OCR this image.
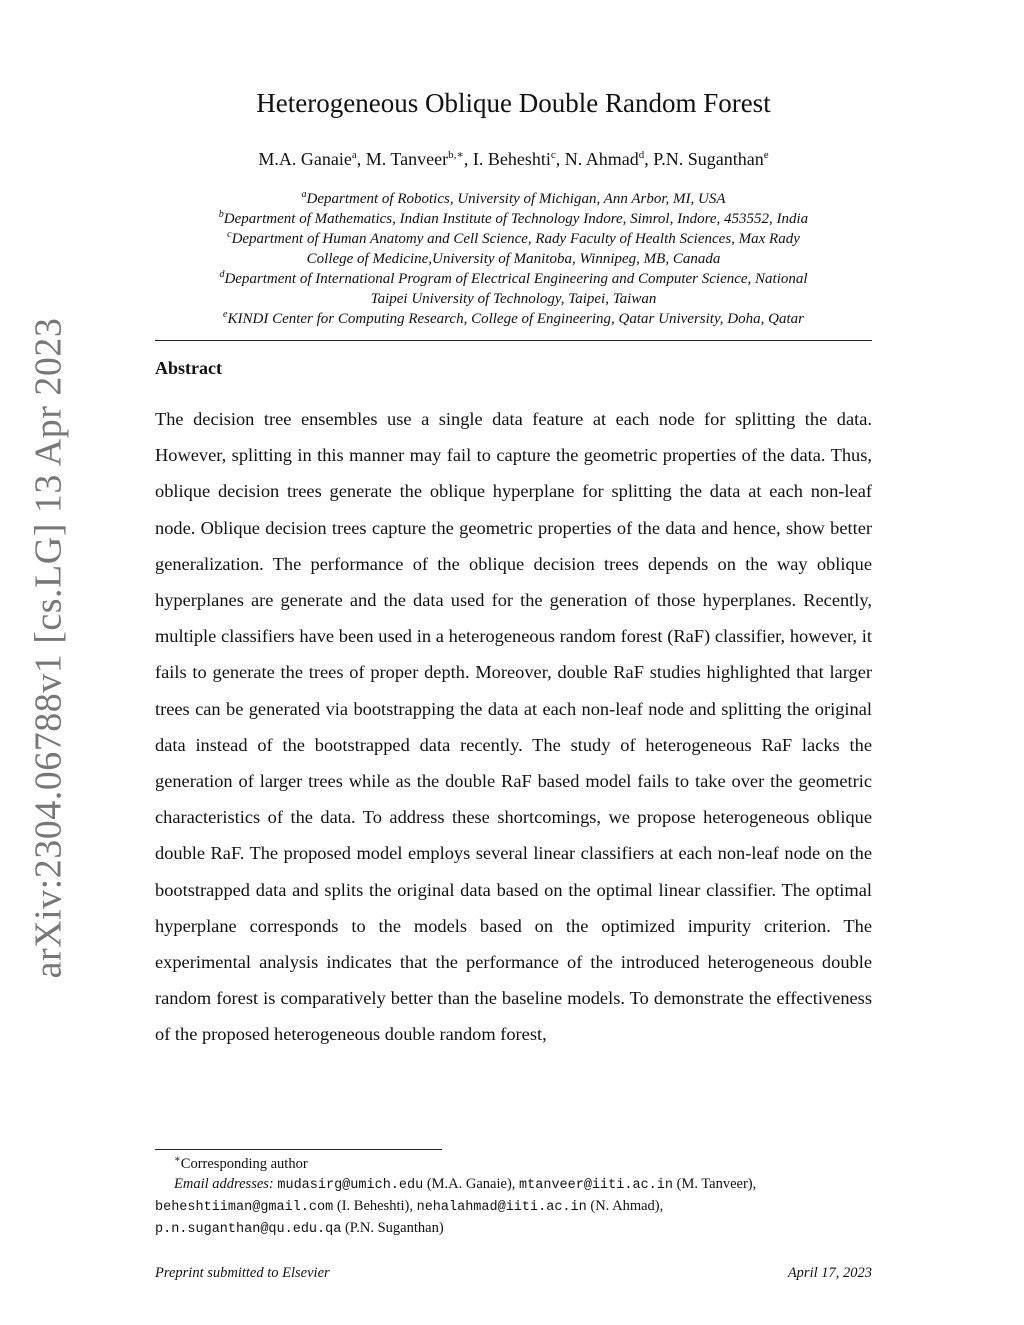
arXiv:2304.06788v1 [cs.LG] 13 Apr 2023
Heterogeneous Oblique Double Random Forest
M.A. Ganaie$^a$, M. Tanveer$^{b,∗}$, I. Beheshti$^c$, N. Ahmad$^d$, P.N. Suganthan$^e$
$^a$Department of Robotics, University of Michigan, Ann Arbor, MI, USA
$^b$Department of Mathematics, Indian Institute of Technology Indore, Simrol, Indore, 453552, India
$^c$Department of Human Anatomy and Cell Science, Rady Faculty of Health Sciences, Max Rady
College of Medicine,University of Manitoba, Winnipeg, MB, Canada
$^d$Department of International Program of Electrical Engineering and Computer Science, National
Taipei University of Technology, Taipei, Taiwan
$^e$KINDI Center for Computing Research, College of Engineering, Qatar University, Doha, Qatar
Abstract
The decision tree ensembles use a single data feature at each node for splitting the data. However, splitting in this manner may fail to capture the geometric properties of the data. Thus, oblique decision trees generate the oblique hyperplane for splitting the data at each non-leaf node. Oblique decision trees capture the geometric properties of the data and hence, show better generalization. The performance of the oblique decision trees depends on the way oblique hyperplanes are generate and the data used for the generation of those hyperplanes. Recently, multiple classifiers have been used in a heterogeneous random forest (RaF) classifier, however, it fails to generate the trees of proper depth. Moreover, double RaF studies highlighted that larger trees can be generated via bootstrapping the data at each non-leaf node and splitting the original data instead of the bootstrapped data recently. The study of heterogeneous RaF lacks the generation of larger trees while as the double RaF based model fails to take over the geometric characteristics of the data. To address these shortcomings, we propose heterogeneous oblique double RaF. The proposed model employs several linear classifiers at each non-leaf node on the bootstrapped data and splits the original data based on the optimal linear classifier. The optimal hyperplane corresponds to the models based on the optimized impurity criterion. The experimental analysis indicates that the performance of the introduced heterogeneous double random forest is comparatively better than the baseline models. To demonstrate the effectiveness of the proposed heterogeneous double random forest,
∗Corresponding author
Email addresses: mudasirg@umich.edu (M.A. Ganaie), mtanveer@iiti.ac.in (M. Tanveer),
beheshtiiman@gmail.com (I. Beheshti), nehalahmad@iiti.ac.in (N. Ahmad),
p.n.suganthan@qu.edu.qa (P.N. Suganthan)
Preprint submitted to Elsevier	April 17, 2023
